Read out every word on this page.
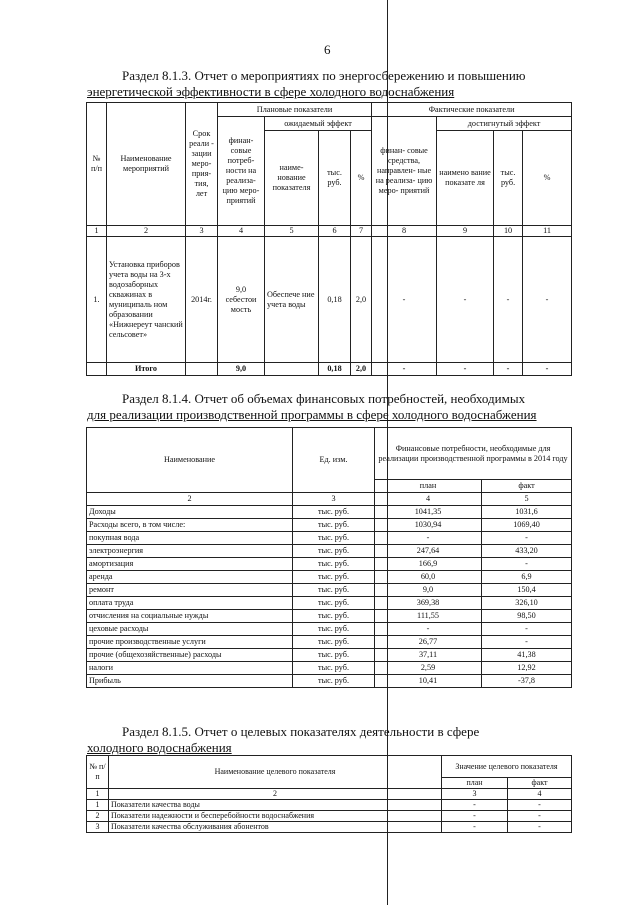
6
Раздел 8.1.3. Отчет о мероприятиях по энергосбережению и повышению
энергетической эффективности в сфере холодного водоснабжения
№ п/п	Наименование мероприятий	Срок реали - зации меро- прия- тия, лет	Плановые показатели				Фактические показатели			
			финан- совые потреб- ности на реализа- цию меро- приятий	ожидаемый эффект			финан- совые средства, направлен- ные на реализа- цию меро- приятий	достигнутый эффект		
				наиме- нование показателя	тыс. руб.	%		наимено вание показате ля	тыс. руб.	%
1	2	3	4	5	6	7	8	9	10	11
1.	Установка приборов учета воды на 3-х водозаборных скважинах в муниципаль ном образовании «Нижнереут чанский сельсовет»	2014г.	9,0 себестои мость	Обеспече ние учета воды	0,18	2,0	-	-	-	-
	Итого		9,0		0,18	2,0	-	-	-	-
Раздел 8.1.4. Отчет об объемах финансовых потребностей, необходимых
для реализации производственной программы в сфере холодного водоснабжения
Наименование	Ед. изм.	Финансовые потребности, необходимые для реализации производственной программы в 2014 году	
		план	факт
2	3	4	5
Доходы	тыс. руб.	1041,35	1031,6
Расходы всего, в том числе:	тыс. руб.	1030,94	1069,40
покупная вода	тыс. руб.	-	-
электроэнергия	тыс. руб.	247,64	433,20
амортизация	тыс. руб.	166,9	-
аренда	тыс. руб.	60,0	6,9
ремонт	тыс. руб.	9,0	150,4
оплата труда	тыс. руб.	369,38	326,10
отчисления на социальные нужды	тыс. руб.	111,55	98,50
цеховые расходы	тыс. руб.	-	-
прочие производственные услуги	тыс. руб.	26,77	-
прочие (общехозяйственные) расходы	тыс. руб.	37,11	41,38
налоги	тыс. руб.	2,59	12,92
Прибыль	тыс. руб.	10,41	-37,8
Раздел 8.1.5. Отчет о целевых показателях деятельности в сфере
холодного водоснабжения
№ п/п	Наименование целевого показателя	Значение целевого показателя	
		план	факт
1	2	3	4
1	Показатели качества воды	-	-
2	Показатели надежности и бесперебойности водоснабжения	-	-
3	Показатели качества обслуживания абонентов	-	-
